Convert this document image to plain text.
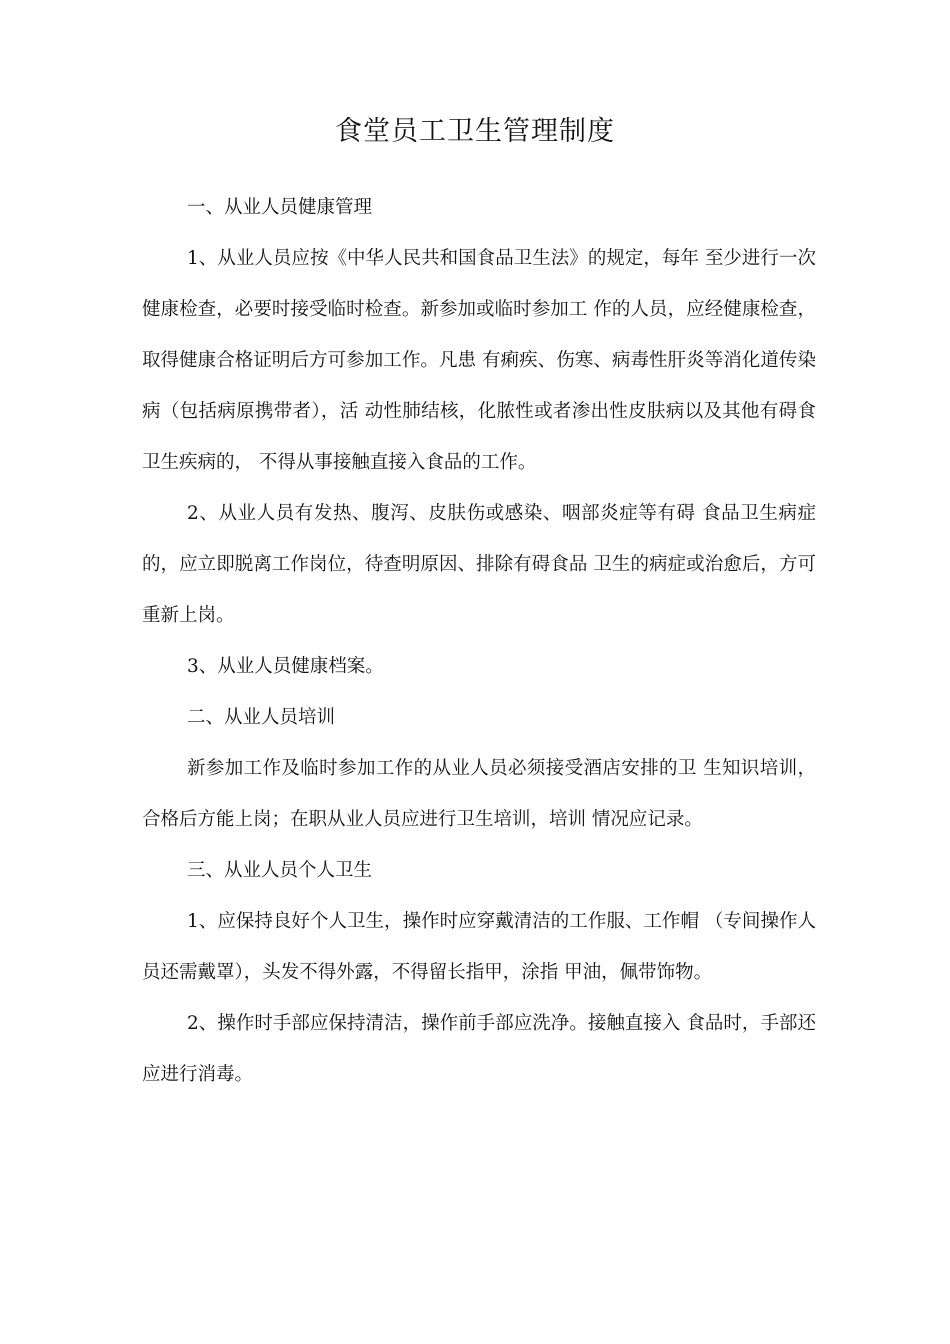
食堂员工卫生管理制度

一、从业人员健康管理

1、从业人员应按《中华人民共和国食品卫生法》的规定，每年 至少进行一次健康检查，必要时接受临时检查。新参加或临时参加工 作的人员，应经健康检查，取得健康合格证明后方可参加工作。凡患 有痢疾、伤寒、病毒性肝炎等消化道传染病（包括病原携带者），活 动性肺结核，化脓性或者渗出性皮肤病以及其他有碍食卫生疾病的， 不得从事接触直接入食品的工作。

2、从业人员有发热、腹泻、皮肤伤或感染、咽部炎症等有碍 食品卫生病症的，应立即脱离工作岗位，待查明原因、排除有碍食品 卫生的病症或治愈后，方可重新上岗。

3、从业人员健康档案。

二、从业人员培训

新参加工作及临时参加工作的从业人员必须接受酒店安排的卫 生知识培训，合格后方能上岗；在职从业人员应进行卫生培训，培训 情况应记录。

三、从业人员个人卫生

1、应保持良好个人卫生，操作时应穿戴清洁的工作服、工作帽 （专间操作人员还需戴罩），头发不得外露，不得留长指甲，涂指 甲油，佩带饰物。

2、操作时手部应保持清洁，操作前手部应洗净。接触直接入 食品时，手部还应进行消毒。
